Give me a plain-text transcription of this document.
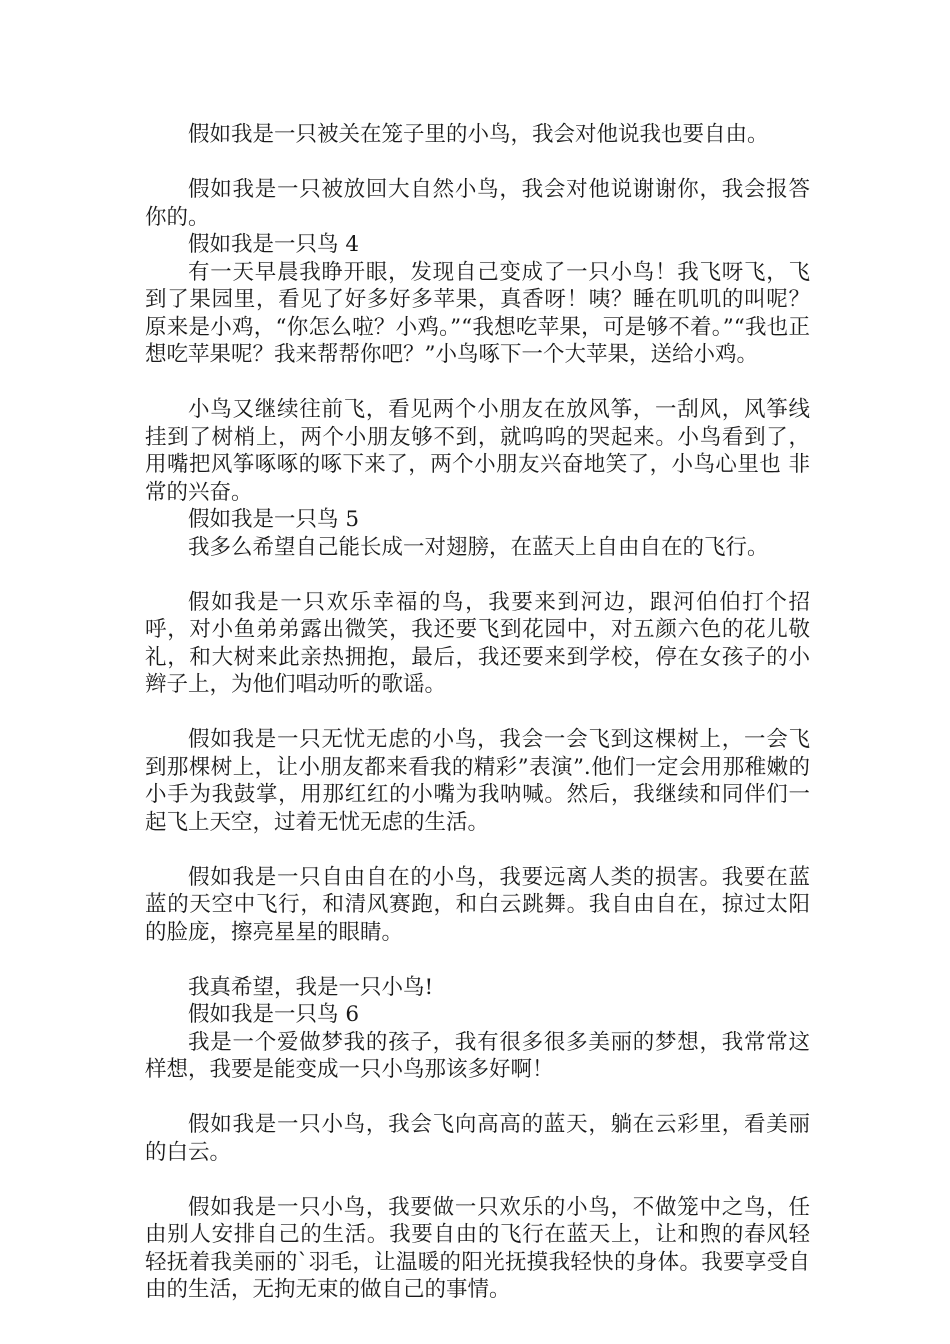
假如我是一只被关在笼子里的小鸟，我会对他说我也要自由。

假如我是一只被放回大自然小鸟，我会对他说谢谢你，我会报答你的。

假如我是一只鸟 4

有一天早晨我睁开眼，发现自己变成了一只小鸟！我飞呀飞，飞到了果园里，看见了好多好多苹果，真香呀！咦？睡在叽叽的叫呢？原来是小鸡，“你怎么啦？小鸡。”“我想吃苹果，可是够不着。”“我也正想吃苹果呢？我来帮帮你吧？”小鸟啄下一个大苹果，送给小鸡。

小鸟又继续往前飞，看见两个小朋友在放风筝，一刮风，风筝线挂到了树梢上，两个小朋友够不到，就呜呜的哭起来。小鸟看到了，用嘴把风筝啄啄的啄下来了，两个小朋友兴奋地笑了，小鸟心里也 非常的兴奋。

假如我是一只鸟 5

我多么希望自己能长成一对翅膀，在蓝天上自由自在的飞行。

假如我是一只欢乐幸福的鸟，我要来到河边，跟河伯伯打个招呼，对小鱼弟弟露出微笑，我还要飞到花园中，对五颜六色的花儿敬礼，和大树来此亲热拥抱，最后，我还要来到学校，停在女孩子的小辫子上，为他们唱动听的歌谣。

假如我是一只无忧无虑的小鸟，我会一会飞到这棵树上，一会飞到那棵树上，让小朋友都来看我的精彩”表演”.他们一定会用那稚嫩的小手为我鼓掌，用那红红的小嘴为我呐喊。然后，我继续和同伴们一起飞上天空，过着无忧无虑的生活。

假如我是一只自由自在的小鸟，我要远离人类的损害。我要在蓝蓝的天空中飞行，和清风赛跑，和白云跳舞。我自由自在，掠过太阳的脸庞，擦亮星星的眼睛。

我真希望，我是一只小鸟!

假如我是一只鸟 6

我是一个爱做梦我的孩子，我有很多很多美丽的梦想，我常常这样想，我要是能变成一只小鸟那该多好啊！

假如我是一只小鸟，我会飞向高高的蓝天，躺在云彩里，看美丽的白云。

假如我是一只小鸟，我要做一只欢乐的小鸟，不做笼中之鸟，任由别人安排自己的生活。我要自由的飞行在蓝天上，让和煦的春风轻轻抚着我美丽的`羽毛，让温暖的阳光抚摸我轻快的身体。我要享受自由的生活，无拘无束的做自己的事情。
